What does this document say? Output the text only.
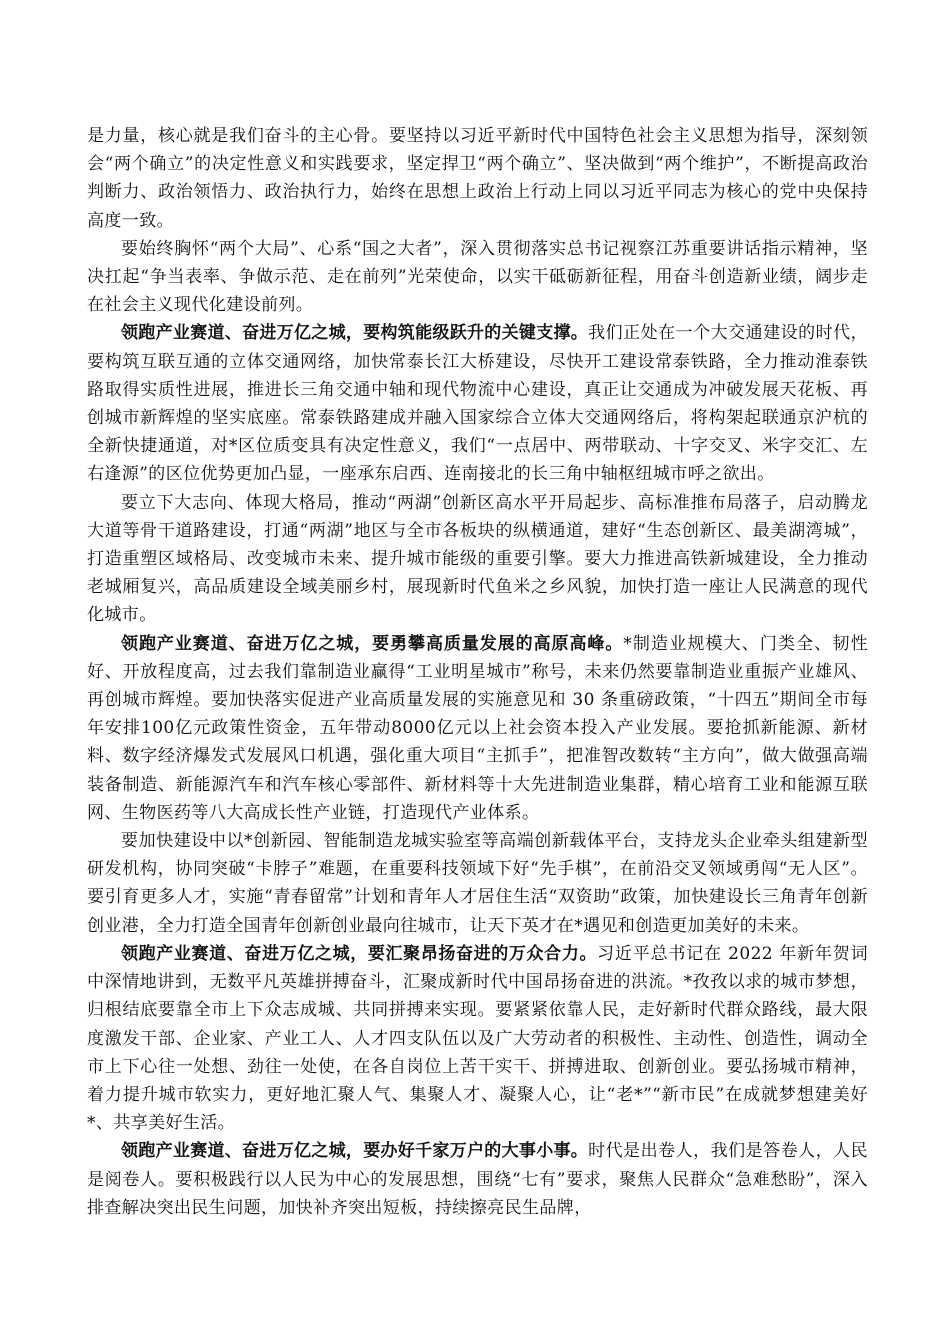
是力量，核心就是我们奋斗的主心骨。要坚持以习近平新时代中国特色社会主义思想为指导，深刻领会“两个确立”的决定性意义和实践要求，坚定捍卫“两个确立”、坚决做到“两个维护”，不断提高政治判断力、政治领悟力、政治执行力，始终在思想上政治上行动上同以习近平同志为核心的党中央保持高度一致。

要始终胸怀“两个大局”、心系“国之大者”，深入贯彻落实总书记视察江苏重要讲话指示精神，坚决扛起“争当表率、争做示范、走在前列”光荣使命，以实干砥砺新征程，用奋斗创造新业绩，阔步走在社会主义现代化建设前列。

领跑产业赛道、奋进万亿之城，要构筑能级跃升的关键支撑。我们正处在一个大交通建设的时代，要构筑互联互通的立体交通网络，加快常泰长江大桥建设，尽快开工建设常泰铁路，全力推动淮泰铁路取得实质性进展，推进长三角交通中轴和现代物流中心建设，真正让交通成为冲破发展天花板、再创城市新辉煌的坚实底座。常泰铁路建成并融入国家综合立体大交通网络后，将构架起联通京沪杭的全新快捷通道，对*区位质变具有决定性意义，我们“一点居中、两带联动、十字交叉、米字交汇、左右逢源”的区位优势更加凸显，一座承东启西、连南接北的长三角中轴枢纽城市呼之欲出。

要立下大志向、体现大格局，推动“两湖”创新区高水平开局起步、高标准推布局落子，启动腾龙大道等骨干道路建设，打通“两湖”地区与全市各板块的纵横通道，建好“生态创新区、最美湖湾城”，打造重塑区域格局、改变城市未来、提升城市能级的重要引擎。要大力推进高铁新城建设，全力推动老城厢复兴，高品质建设全域美丽乡村，展现新时代鱼米之乡风貌，加快打造一座让人民满意的现代化城市。

领跑产业赛道、奋进万亿之城，要勇攀高质量发展的高原高峰。*制造业规模大、门类全、韧性好、开放程度高，过去我们靠制造业赢得“工业明星城市”称号，未来仍然要靠制造业重振产业雄风、再创城市辉煌。要加快落实促进产业高质量发展的实施意见和 30 条重磅政策，“十四五”期间全市每年安排100亿元政策性资金，五年带动8000亿元以上社会资本投入产业发展。要抢抓新能源、新材料、数字经济爆发式发展风口机遇，强化重大项目“主抓手”，把准智改数转“主方向”，做大做强高端装备制造、新能源汽车和汽车核心零部件、新材料等十大先进制造业集群，精心培育工业和能源互联网、生物医药等八大高成长性产业链，打造现代产业体系。

要加快建设中以*创新园、智能制造龙城实验室等高端创新载体平台，支持龙头企业牵头组建新型研发机构，协同突破“卡脖子”难题，在重要科技领域下好“先手棋”，在前沿交叉领域勇闯“无人区”。要引育更多人才，实施“青春留常”计划和青年人才居住生活“双资助”政策，加快建设长三角青年创新创业港，全力打造全国青年创新创业最向往城市，让天下英才在*遇见和创造更加美好的未来。

领跑产业赛道、奋进万亿之城，要汇聚昂扬奋进的万众合力。习近平总书记在 2022 年新年贺词中深情地讲到，无数平凡英雄拼搏奋斗，汇聚成新时代中国昂扬奋进的洪流。*孜孜以求的城市梦想，归根结底要靠全市上下众志成城、共同拼搏来实现。要紧紧依靠人民，走好新时代群众路线，最大限度激发干部、企业家、产业工人、人才四支队伍以及广大劳动者的积极性、主动性、创造性，调动全市上下心往一处想、劲往一处使，在各自岗位上苦干实干、拼搏进取、创新创业。要弘扬城市精神，着力提升城市软实力，更好地汇聚人气、集聚人才、凝聚人心，让“老*”“新市民”在成就梦想建美好*、共享美好生活。

领跑产业赛道、奋进万亿之城，要办好千家万户的大事小事。时代是出卷人，我们是答卷人，人民是阅卷人。要积极践行以人民为中心的发展思想，围绕“七有”要求，聚焦人民群众“急难愁盼”，深入排查解决突出民生问题，加快补齐突出短板，持续擦亮民生品牌，
